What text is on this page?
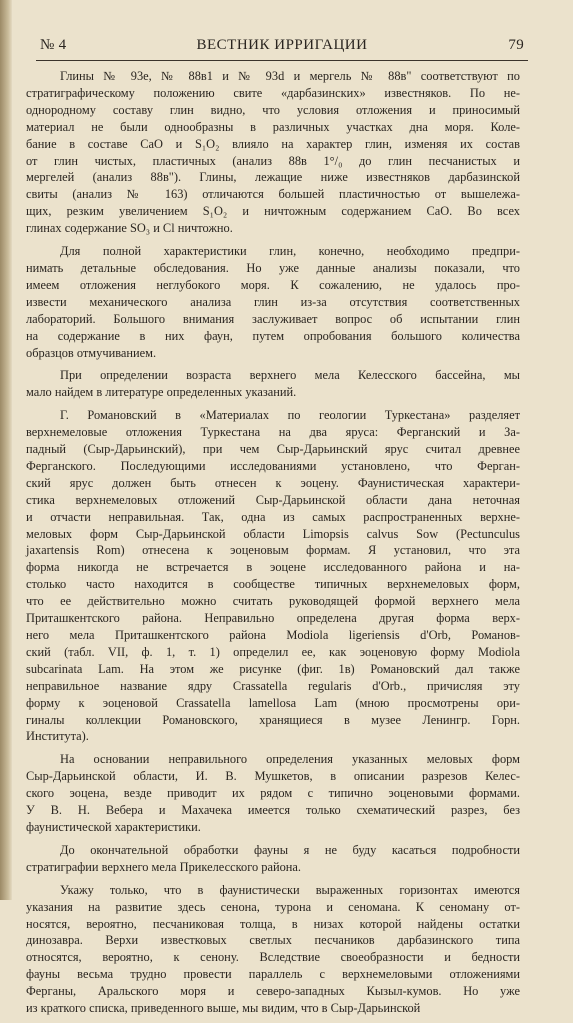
№ 4	ВЕСТНИК ИРРИГАЦИИ	79

Глины № 93е, № 88в1 и № 93d и мергель № 88в" соответствуют по
стратиграфическому положению свите «дарбазинских» известняков. По не-
однородному составу глин видно, что условия отложения и приносимый
материал не были однообразны в различных участках дна моря. Коле-
бание в составе СаO и S₁O₂ влияло на характер глин, изменяя их состав
от глин чистых, пластичных (анализ 88в 1°/₀ до глин песчанистых и
мергелей (анализ 88в"). Глины, лежащие ниже известняков дарбазинской
свиты (анализ № 163) отличаются большей пластичностью от вышележа-
щих, резким увеличением S₁O₂ и ничтожным содержанием СаO. Во всех
глинах содержание SO₃ и Cl ничтожно.

Для полной характеристики глин, конечно, необходимо предпри-
нимать детальные обследования. Но уже данные анализы показали, что
имеем отложения неглубокого моря. К сожалению, не удалось про-
извести механического анализа глин из-за отсутствия соответственных
лабораторий. Большого внимания заслуживает вопрос об испытании глин
на содержание в них фаун, путем опробования большого количества
образцов отмучиванием.

При определении возраста верхнего мела Келесского бассейна, мы
мало найдем в литературе определенных указаний.

Г. Романовский в «Материалах по геологии Туркестана» разделяет
верхнемеловые отложения Туркестана на два яруса: Ферганский и За-
падный (Сыр-Дарьинский), при чем Сыр-Дарьинский ярус считал древнее
Ферганского. Последующими исследованиями установлено, что Ферган-
ский ярус должен быть отнесен к эоцену. Фаунистическая характери-
стика верхнемеловых отложений Сыр-Дарьинской области дана неточная
и отчасти неправильная. Так, одна из самых распространенных верхне-
меловых форм Сыр-Дарьинской области Limopsis calvus Sow (Pectunculus
jaxartensis Rom) отнесена к эоценовым формам. Я установил, что эта
форма никогда не встречается в эоцене исследованного района и на-
столько часто находится в сообществе типичных верхнемеловых форм,
что ее действительно можно считать руководящей формой верхнего мела
Приташкентского района. Неправильно определена другая форма верх-
него мела Приташкентского района Modiola ligeriensis d'Orb, Романов-
ский (табл. VII, ф. 1, т. 1) определил ее, как эоценовую форму Modiola
subcarinata Lam. На этом же рисунке (фиг. 1в) Романовский дал также
неправильное название ядру Crassatella regularis d'Orb., причисляя эту
форму к эоценовой Crassatella lamellosa Lam (мною просмотрены ори-
гиналы коллекции Романовского, хранящиеся в музее Ленингр. Горн.
Института).

На основании неправильного определения указанных меловых форм
Сыр-Дарьинской области, И. В. Мушкетов, в описании разрезов Келес-
ского эоцена, везде приводит их рядом с типично эоценовыми формами.
У В. Н. Вебера и Махачека имеется только схематический разрез, без
фаунистической характеристики.

До окончательной обработки фауны я не буду касаться подробности
стратиграфии верхнего мела Прикелесского района.

Укажу только, что в фаунистически выраженных горизонтах имеются
указания на развитие здесь сенона, турона и сеномана. К сеноману от-
носятся, вероятно, песчаниковая толща, в низах которой найдены остатки
динозавра. Верхи известковых светлых песчаников дарбазинского типа
относятся, вероятно, к сенону. Вследствие своеобразности и бедности
фауны весьма трудно провести параллель с верхнемеловыми отложениями
Ферганы, Аральского моря и северо-западных Кызыл-кумов. Но уже
из краткого списка, приведенного выше, мы видим, что в Сыр-Дарьинской
